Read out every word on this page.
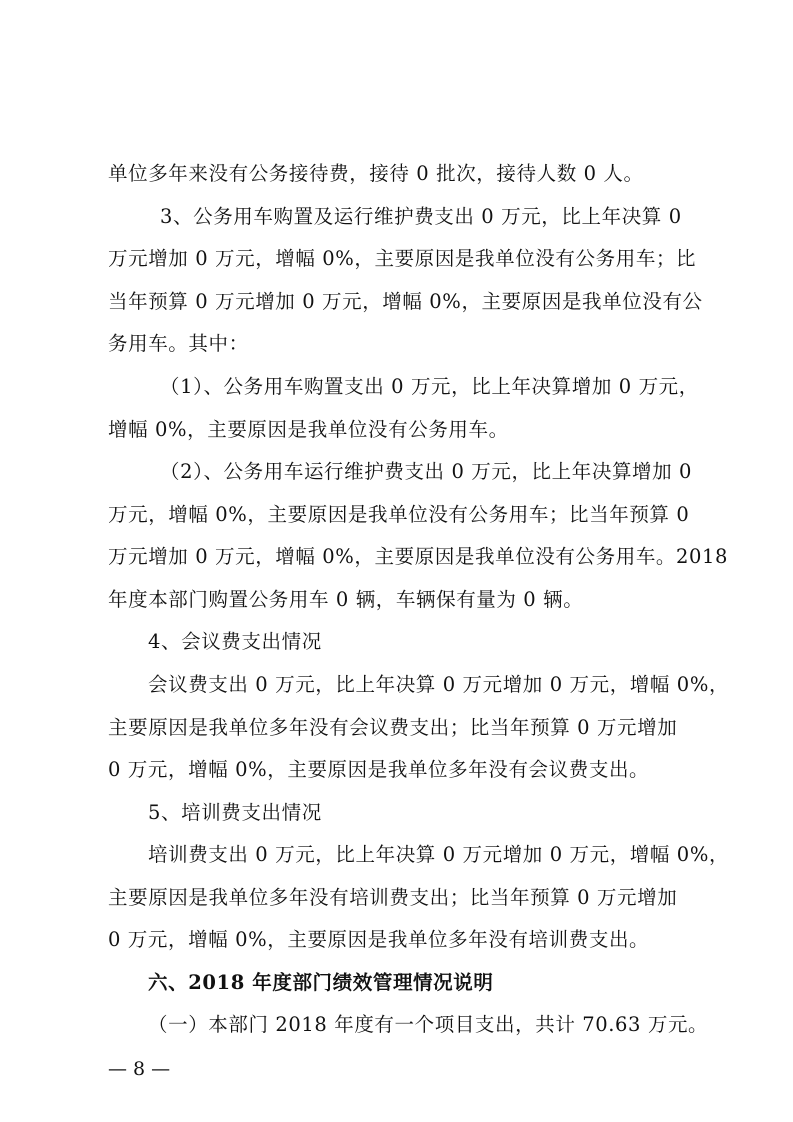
单位多年来没有公务接待费，接待 0 批次，接待人数 0 人。
3、公务用车购置及运行维护费支出 0 万元，比上年决算 0
万元增加 0 万元，增幅 0%，主要原因是我单位没有公务用车；比
当年预算 0 万元增加 0 万元，增幅 0%，主要原因是我单位没有公
务用车。其中：
（1）、公务用车购置支出 0 万元，比上年决算增加 0 万元，
增幅 0%，主要原因是我单位没有公务用车。
（2）、公务用车运行维护费支出 0 万元，比上年决算增加 0
万元，增幅 0%，主要原因是我单位没有公务用车；比当年预算 0
万元增加 0 万元，增幅 0%，主要原因是我单位没有公务用车。2018
年度本部门购置公务用车 0 辆，车辆保有量为 0 辆。
4、会议费支出情况
会议费支出 0 万元，比上年决算 0 万元增加 0 万元，增幅 0%，
主要原因是我单位多年没有会议费支出；比当年预算 0 万元增加
0 万元，增幅 0%，主要原因是我单位多年没有会议费支出。
5、培训费支出情况
培训费支出 0 万元，比上年决算 0 万元增加 0 万元，增幅 0%，
主要原因是我单位多年没有培训费支出；比当年预算 0 万元增加
0 万元，增幅 0%，主要原因是我单位多年没有培训费支出。
六、2018 年度部门绩效管理情况说明
（一）本部门 2018 年度有一个项目支出，共计 70.63 万元。
— 8 —
